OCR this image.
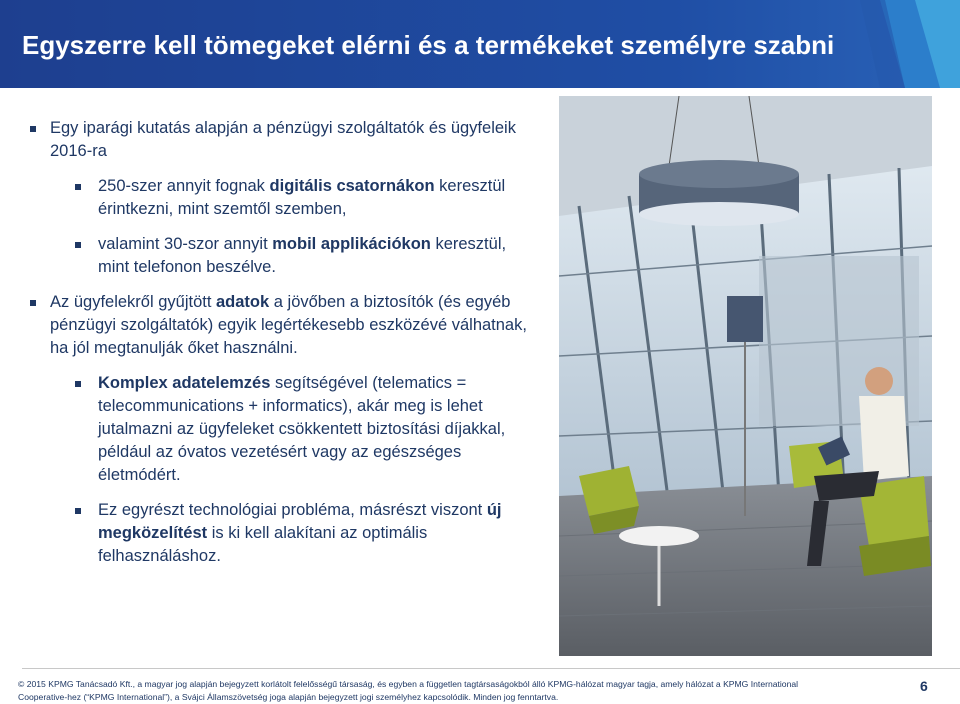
Egyszerre kell tömegeket elérni és a termékeket személyre szabni
Egy iparági kutatás alapján a pénzügyi szolgáltatók és ügyfeleik 2016-ra
250-szer annyit fognak digitális csatornákon keresztül érintkezni, mint szemtől szemben,
valamint 30-szor annyit mobil applikációkon keresztül, mint telefonon beszélve.
Az ügyfelekről gyűjtött adatok a jövőben a biztosítók (és egyéb pénzügyi szolgáltatók) egyik legértékesebb eszközévé válhatnak, ha jól megtanulják őket használni.
Komplex adatelemzés segítségével (telematics = telecommunications + informatics), akár meg is lehet jutalmazni az ügyfeleket csökkentett biztosítási díjakkal, például az óvatos vezetésért vagy az egészséges életmódért.
Ez egyrészt technológiai probléma, másrészt viszont új megközelítést is ki kell alakítani az optimális felhasználáshoz.
© 2015 KPMG Tanácsadó Kft., a magyar jog alapján bejegyzett korlátolt felelősségű társaság, és egyben a független tagtársaságokból álló KPMG-hálózat magyar tagja, amely hálózat a KPMG International
Cooperative-hez (“KPMG International”), a Svájci Államszövetség joga alapján bejegyzett jogi személyhez kapcsolódik. Minden jog fenntartva.
6
